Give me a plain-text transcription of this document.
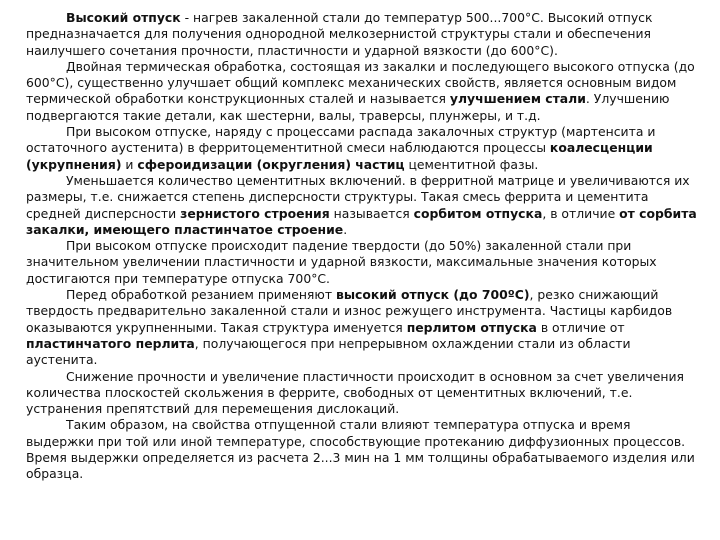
Высокий отпуск - нагрев закаленной стали до температур 500...700°С. Высокий отпуск предназначается для получения однородной мелкозернистой структуры стали и обеспечения наилучшего сочетания прочности, пластичности и ударной вязкости (до 600°С).

Двойная термическая обработка, состоящая из закалки и последующего высокого отпуска (до 600°С), существенно улучшает общий комплекс механических свойств, является основным видом термической обработки конструкционных сталей и называется улучшением стали. Улучшению подвергаются такие детали, как шестерни, валы, траверсы, плунжеры, и т.д.

При высоком отпуске, наряду с процессами распада закалочных структур (мартенсита и остаточного аустенита) в ферритоцементитной смеси наблюдаются процессы коалесценции (укрупнения) и сфероидизации (округления) частиц цементитной фазы.

Уменьшается количество цементитных включений. в ферритной матрице и увеличиваются их размеры, т.е. снижается степень дисперсности структуры. Такая смесь феррита и цементита средней дисперсности зернистого строения называется сорбитом отпуска, в отличие от сорбита закалки, имеющего пластинчатое строение.

При высоком отпуске происходит падение твердости (до 50%) закаленной стали при значительном увеличении пластичности и ударной вязкости, максимальные значения которых достигаются при температуре отпуска 700°С.

Перед обработкой резанием применяют высокий отпуск (до 700ºС), резко снижающий твердость предварительно закаленной стали и износ режущего инструмента. Частицы карбидов оказываются укрупненными. Такая структура именуется перлитом отпуска в отличие от пластинчатого перлита, получающегося при непрерывном охлаждении стали из области аустенита.

Снижение прочности и увеличение пластичности происходит в основном за счет увеличения количества плоскостей скольжения в феррите, свободных от цементитных включений, т.е. устранения препятствий для перемещения дислокаций.

Таким образом, на свойства отпущенной стали влияют температура отпуска и время выдержки при той или иной температуре, способствующие протеканию диффузионных процессов. Время выдержки определяется из расчета 2...3 мин на 1 мм толщины обрабатываемого изделия или образца.
